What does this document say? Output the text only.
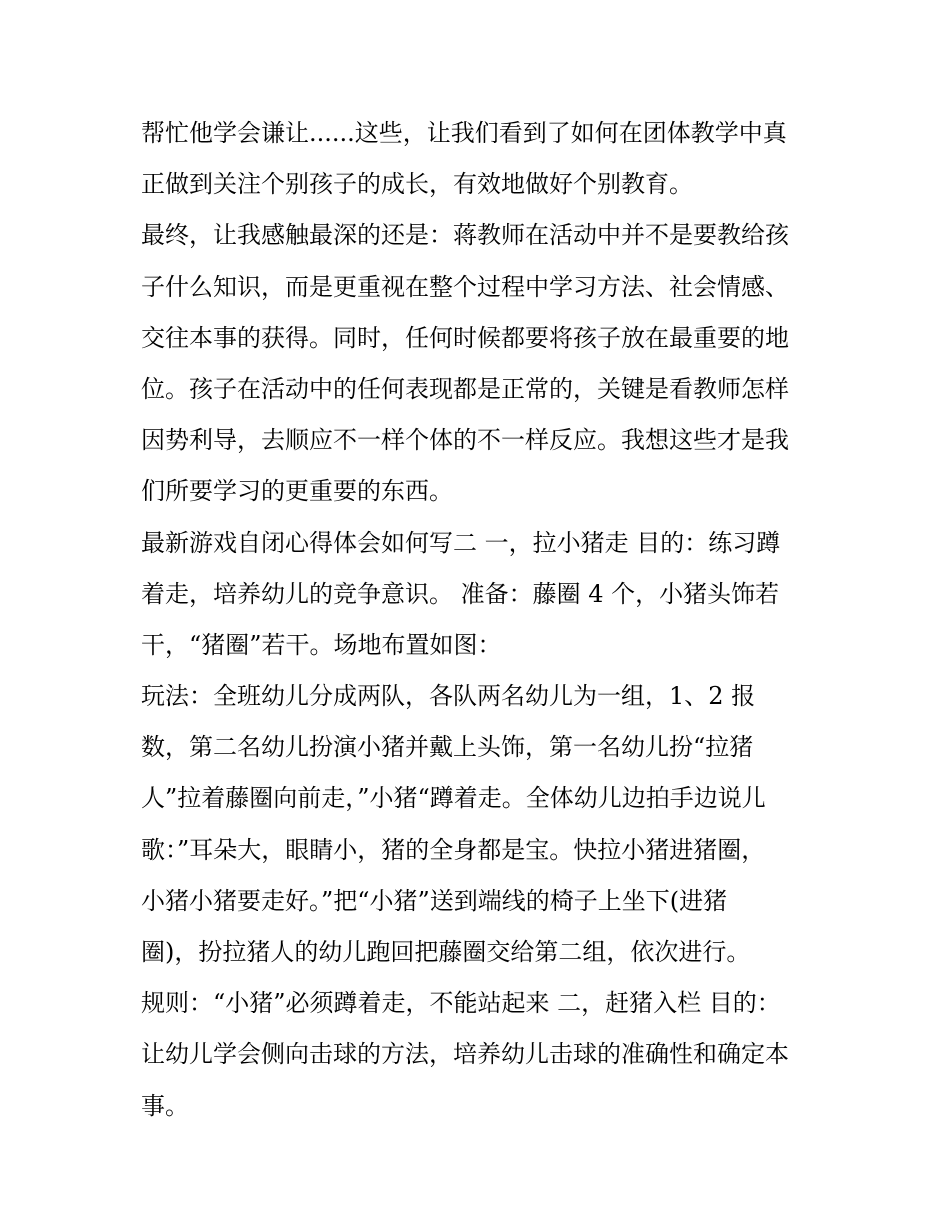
帮忙他学会谦让......这些，让我们看到了如何在团体教学中真
正做到关注个别孩子的成长，有效地做好个别教育。
最终，让我感触最深的还是：蒋教师在活动中并不是要教给孩
子什么知识，而是更重视在整个过程中学习方法、社会情感、
交往本事的获得。同时，任何时候都要将孩子放在最重要的地
位。孩子在活动中的任何表现都是正常的，关键是看教师怎样
因势利导，去顺应不一样个体的不一样反应。我想这些才是我
们所要学习的更重要的东西。
最新游戏自闭心得体会如何写二 一，拉小猪走 目的：练习蹲
着走，培养幼儿的竞争意识。 准备：藤圈 4 个，小猪头饰若
干，“猪圈”若干。场地布置如图：
玩法：全班幼儿分成两队，各队两名幼儿为一组，1、2 报
数，第二名幼儿扮演小猪并戴上头饰，第一名幼儿扮“拉猪
人”拉着藤圈向前走，”小猪“蹲着走。全体幼儿边拍手边说儿
歌：”耳朵大，眼睛小，猪的全身都是宝。快拉小猪进猪圈，
小猪小猪要走好。”把“小猪”送到端线的椅子上坐下(进猪
圈)，扮拉猪人的幼儿跑回把藤圈交给第二组，依次进行。
规则：“小猪”必须蹲着走，不能站起来 二，赶猪入栏 目的：
让幼儿学会侧向击球的方法，培养幼儿击球的准确性和确定本
事。
